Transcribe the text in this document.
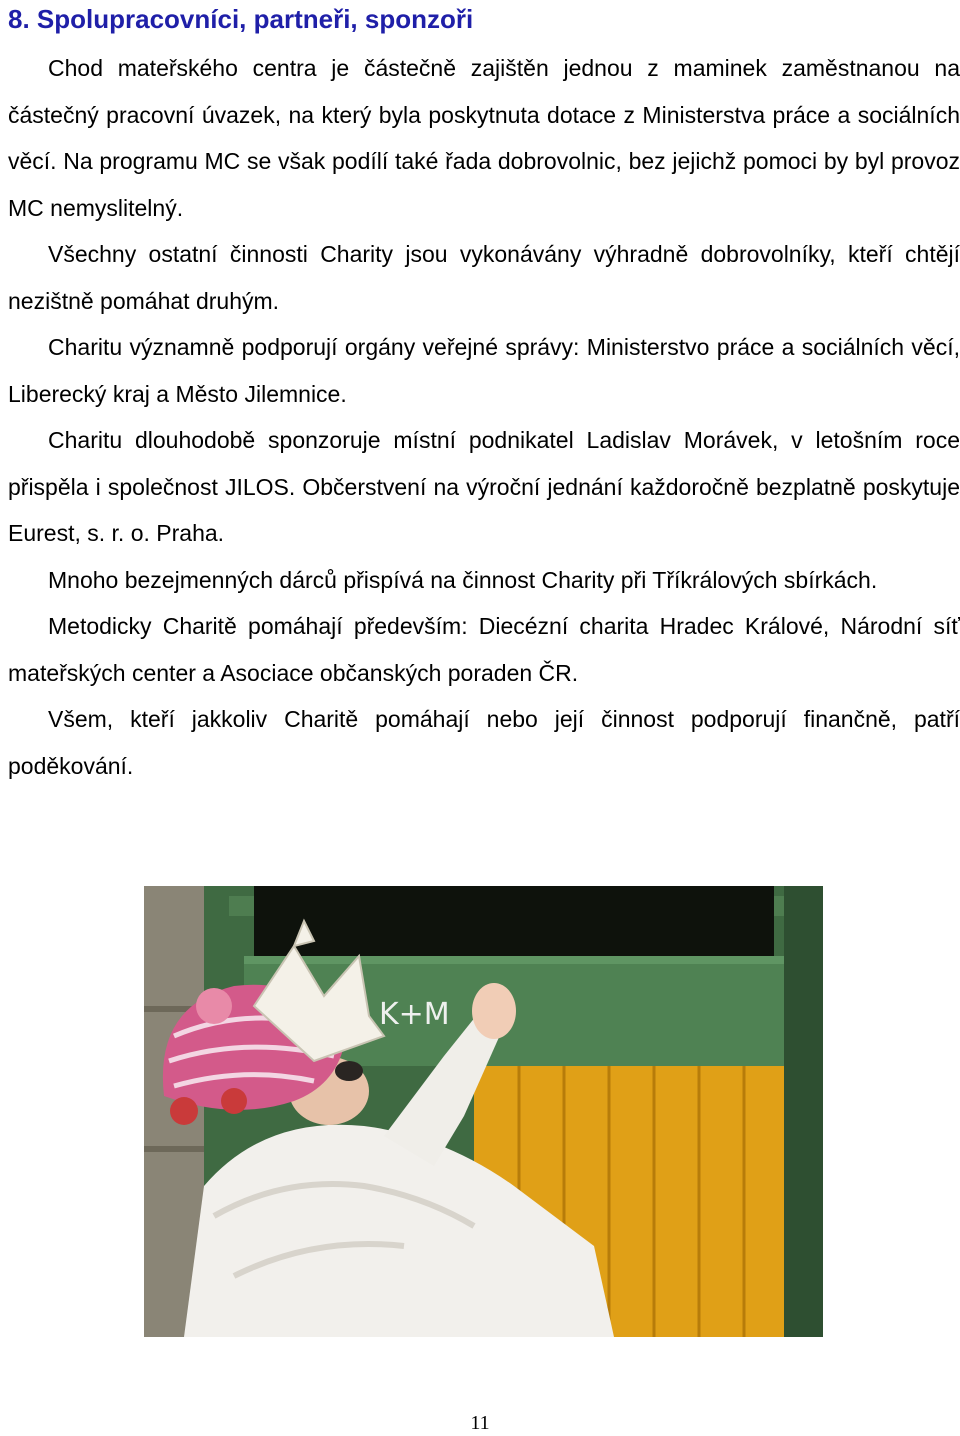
8. Spolupracovníci, partneři, sponzoři

Chod mateřského centra je částečně zajištěn jednou z maminek zaměstnanou na částečný pracovní úvazek, na který byla poskytnuta dotace z Ministerstva práce a sociálních věcí. Na programu MC se však podílí také řada dobrovolnic, bez jejichž pomoci by byl provoz MC nemyslitelný.

Všechny ostatní činnosti Charity jsou vykonávány výhradně dobrovolníky, kteří chtějí nezištně pomáhat druhým.

Charitu významně podporují orgány veřejné správy: Ministerstvo práce a sociálních věcí, Liberecký kraj a Město Jilemnice.

Charitu dlouhodobě sponzoruje místní podnikatel Ladislav Morávek, v letošním roce přispěla i společnost JILOS. Občerstvení na výroční jednání každoročně bezplatně poskytuje Eurest, s. r. o. Praha.

Mnoho bezejmenných dárců přispívá na činnost Charity při Tříkrálových sbírkách.

Metodicky Charitě pomáhají především: Diecézní charita Hradec Králové, Národní síť mateřských center a Asociace občanských poraden ČR.

Všem, kteří jakkoliv Charitě pomáhají nebo její činnost podporují finančně, patří poděkování.

K+M
11
